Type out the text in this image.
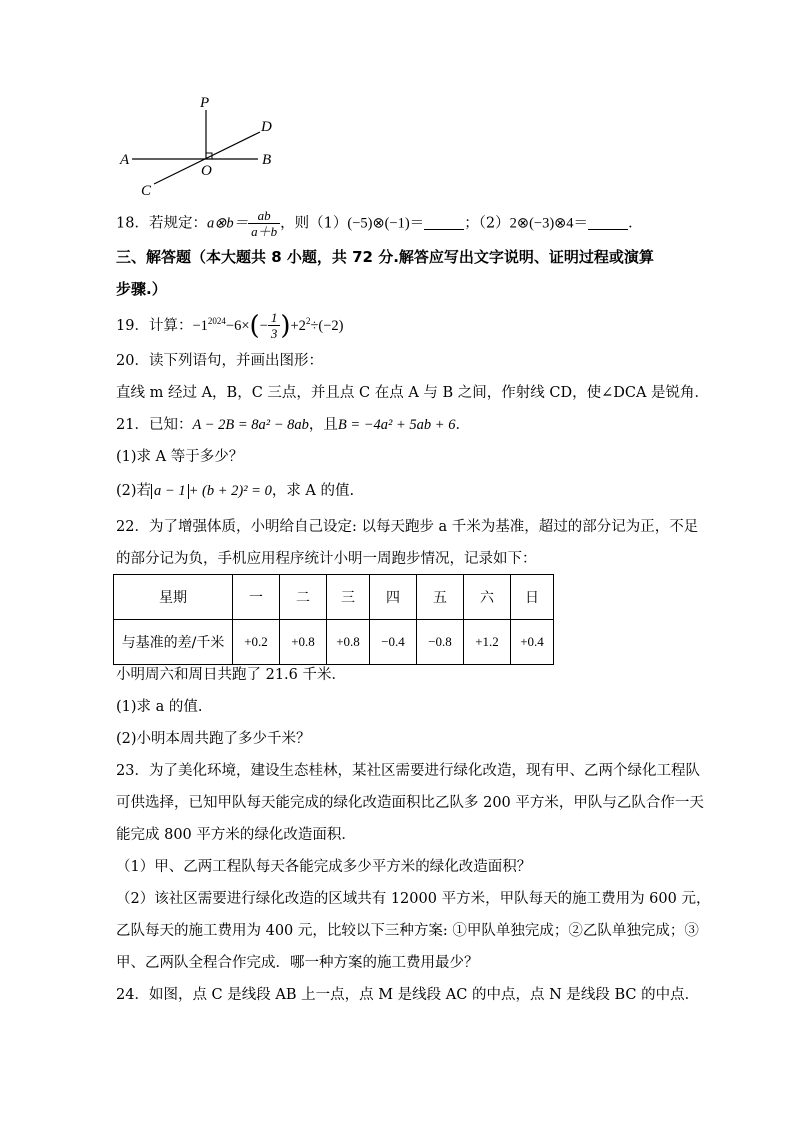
P
D
A	B
O
C
18．若规定：a⊗b＝ $\frac{ab}{a+b}$ ，则（1）(−5)⊗(−1)＝	；（2）2⊗(−3)⊗4＝	．
三、解答题（本大题共 8 小题，共 72 分.解答应写出文字说明、证明过程或演算
步骤.）
19．计算：$-1^{2024}-6\times(- \frac{1}{3} )+2^2\div(-2)$
20．读下列语句，并画出图形：
直线 m 经过 A，B，C 三点，并且点 C 在点 A 与 B 之间，作射线 CD，使∠DCA 是锐角．
21．已知：A − 2B = 8a² − 8ab，且B = −4a² + 5ab + 6．
(1)求 A 等于多少？
(2)若 a − 1 + (b + 2)² = 0，求 A 的值.
22．为了增强体质，小明给自己设定: 以每天跑步 a 千米为基准，超过的部分记为正，不足
的部分记为负，手机应用程序统计小明一周跑步情况，记录如下：
星期	一	二	三	四	五	六	日
与基准的差/千米	+0.2	+0.8	+0.8	−0.4	−0.8	+1.2	+0.4
小明周六和周日共跑了 21.6 千米．
(1)求 a 的值.
(2)小明本周共跑了多少千米？
23．为了美化环境，建设生态桂林，某社区需要进行绿化改造，现有甲、乙两个绿化工程队
可供选择，已知甲队每天能完成的绿化改造面积比乙队多 200 平方米，甲队与乙队合作一天
能完成 800 平方米的绿化改造面积．
（1）甲、乙两工程队每天各能完成多少平方米的绿化改造面积？
（2）该社区需要进行绿化改造的区域共有 12000 平方米，甲队每天的施工费用为 600 元，
乙队每天的施工费用为 400 元，比较以下三种方案: ①甲队单独完成；②乙队单独完成；③
甲、乙两队全程合作完成．哪一种方案的施工费用最少？
24．如图，点 C 是线段 AB 上一点，点 M 是线段 AC 的中点，点 N 是线段 BC 的中点．
